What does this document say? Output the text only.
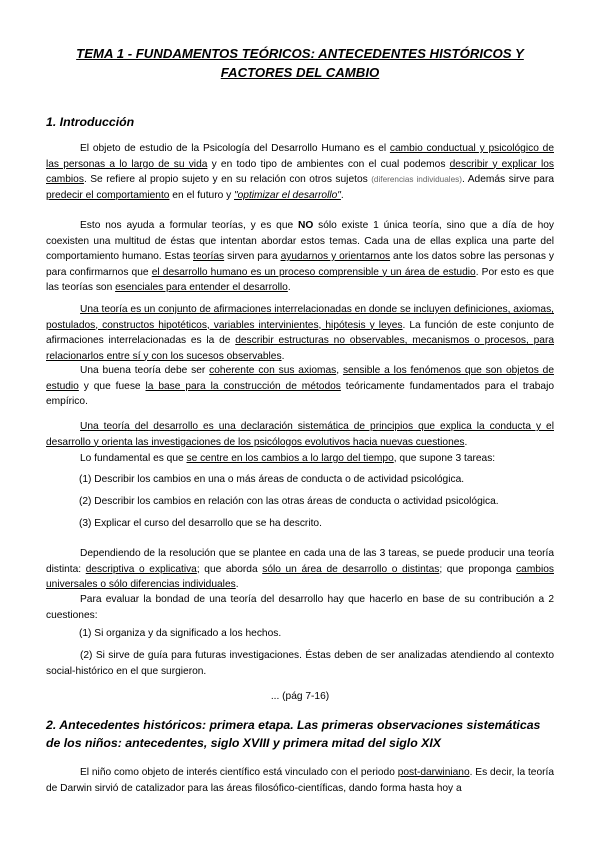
TEMA 1 - FUNDAMENTOS TEÓRICOS: ANTECEDENTES HISTÓRICOS Y FACTORES DEL CAMBIO
1. Introducción

El objeto de estudio de la Psicología del Desarrollo Humano es el cambio conductual y psicológico de las personas a lo largo de su vida y en todo tipo de ambientes con el cual podemos describir y explicar los cambios. Se refiere al propio sujeto y en su relación con otros sujetos (diferencias individuales). Además sirve para predecir el comportamiento en el futuro y "optimizar el desarrollo".

Esto nos ayuda a formular teorías, y es que NO sólo existe 1 única teoría, sino que a día de hoy coexisten una multitud de éstas que intentan abordar estos temas. Cada una de ellas explica una parte del comportamiento humano. Estas teorías sirven para ayudarnos y orientarnos ante los datos sobre las personas y para confirmarnos que el desarrollo humano es un proceso comprensible y un área de estudio. Por esto es que las teorías son esenciales para entender el desarrollo.

Una teoría es un conjunto de afirmaciones interrelacionadas en donde se incluyen definiciones, axiomas, postulados, constructos hipotéticos, variables intervinientes, hipótesis y leyes. La función de este conjunto de afirmaciones interrelacionadas es la de describir estructuras no observables, mecanismos o procesos, para relacionarlos entre sí y con los sucesos observables.

Una buena teoría debe ser coherente con sus axiomas, sensible a los fenómenos que son objetos de estudio y que fuese la base para la construcción de métodos teóricamente fundamentados para el trabajo empírico.

Una teoría del desarrollo es una declaración sistemática de principios que explica la conducta y el desarrollo y orienta las investigaciones de los psicólogos evolutivos hacia nuevas cuestiones.

Lo fundamental es que se centre en los cambios a lo largo del tiempo, que supone 3 tareas:

(1) Describir los cambios en una o más áreas de conducta o de actividad psicológica.

(2) Describir los cambios en relación con las otras áreas de conducta o actividad psicológica.

(3) Explicar el curso del desarrollo que se ha descrito.

Dependiendo de la resolución que se plantee en cada una de las 3 tareas, se puede producir una teoría distinta: descriptiva o explicativa; que aborda sólo un área de desarrollo o distintas; que proponga cambios universales o sólo diferencias individuales.

Para evaluar la bondad de una teoría del desarrollo hay que hacerlo en base de su contribución a 2 cuestiones:

(1) Si organiza y da significado a los hechos.

(2) Si sirve de guía para futuras investigaciones. Éstas deben de ser analizadas atendiendo al contexto social-histórico en el que surgieron.

... (pág 7-16)

2. Antecedentes históricos: primera etapa. Las primeras observaciones sistemáticas de los niños: antecedentes, siglo XVIII y primera mitad del siglo XIX

El niño como objeto de interés científico está vinculado con el periodo post-darwiniano. Es decir, la teoría de Darwin sirvió de catalizador para las áreas filosófico-científicas, dando forma hasta hoy a
